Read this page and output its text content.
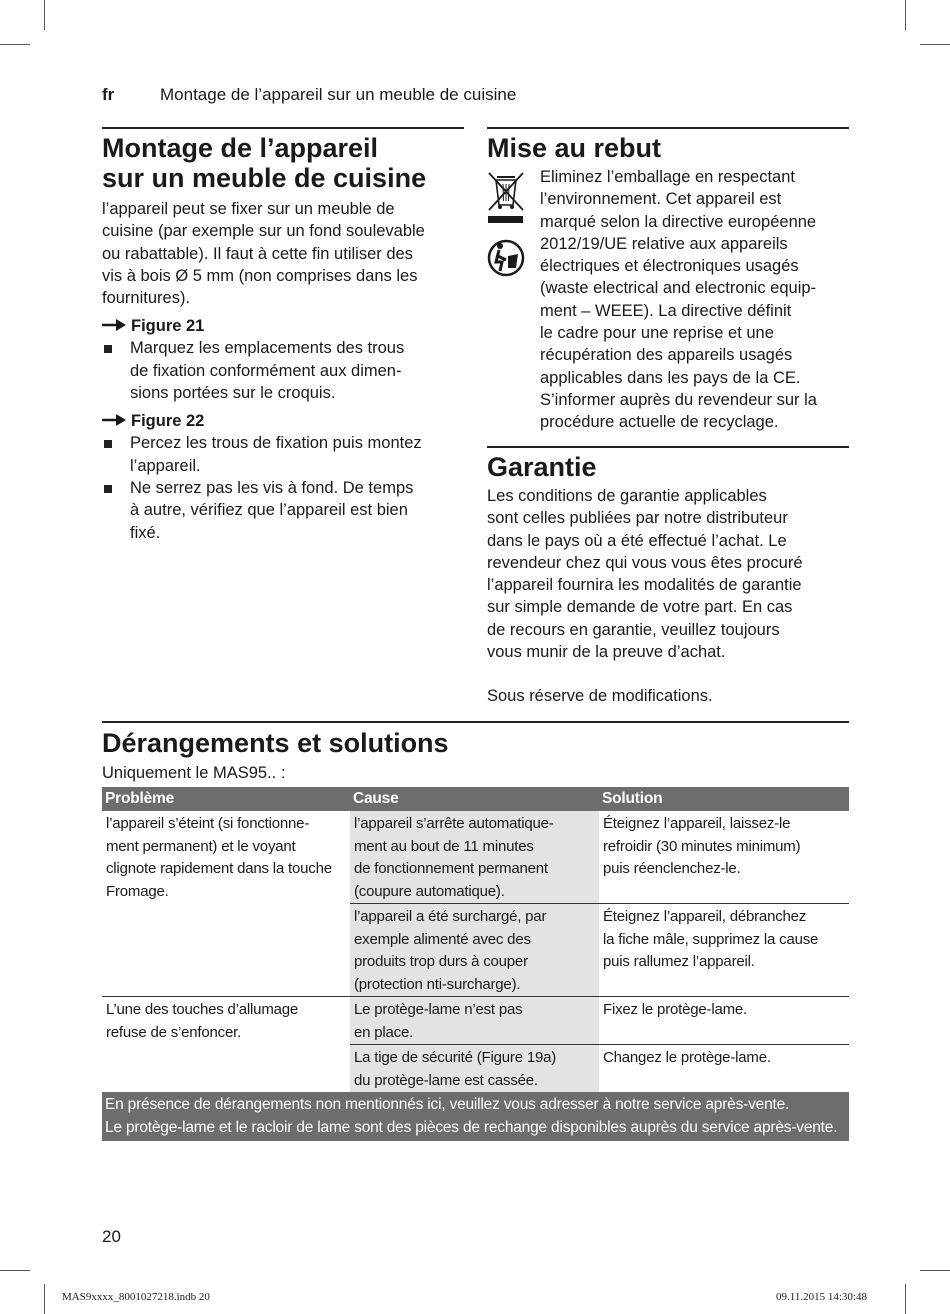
fr	Montage de l’appareil sur un meuble de cuisine
Montage de l’appareil
sur un meuble de cuisine

l’appareil peut se fixer sur un meuble de
cuisine (par exemple sur un fond soulevable
ou rabattable). Il faut à cette fin utiliser des
vis à bois Ø 5 mm (non comprises dans les
fournitures).

Figure 21
Marquez les emplacements des trous
de fixation conformément aux dimen-
sions portées sur le croquis.
Figure 22
Percez les trous de fixation puis montez
l’appareil.
Ne serrez pas les vis à fond. De temps
à autre, vérifiez que l’appareil est bien
fixé.
Mise au rebut

Eliminez l’emballage en respectant
l’environnement. Cet appareil est
marqué selon la directive européenne
2012/19/UE relative aux appareils
électriques et électroniques usagés
(waste electrical and electronic equip-
ment – WEEE). La directive définit
le cadre pour une reprise et une
récupération des appareils usagés
applicables dans les pays de la CE.
S’informer auprès du revendeur sur la
procédure actuelle de recyclage.

Garantie

Les conditions de garantie applicables
sont celles publiées par notre distributeur
dans le pays où a été effectué l’achat. Le
revendeur chez qui vous vous êtes procuré
l’appareil fournira les modalités de garantie
sur simple demande de votre part. En cas
de recours en garantie, veuillez toujours
vous munir de la preuve d’achat.

Sous réserve de modifications.

Dérangements et solutions

Uniquement le MAS95.. :

Problème	Cause	Solution
l’appareil s’éteint (si fonctionne-
ment permanent) et le voyant
clignote rapidement dans la touche
Fromage.	l’appareil s’arrête automatique-
ment au bout de 11 minutes
de fonctionnement permanent
(coupure automatique).	Éteignez l’appareil, laissez-le
refroidir (30 minutes minimum)
puis réenclenchez-le.
	l’appareil a été surchargé, par
exemple alimenté avec des
produits trop durs à couper
(protection nti-surcharge).	Éteignez l’appareil, débranchez
la fiche mâle, supprimez la cause
puis rallumez l’appareil.
L’une des touches d’allumage
refuse de s’enfoncer.	Le protège-lame n’est pas
en place.	Fixez le protège-lame.
	La tige de sécurité (Figure 19a)
du protège-lame est cassée.	Changez le protège-lame.
En présence de dérangements non mentionnés ici, veuillez vous adresser à notre service après-vente.
Le protège-lame et le racloir de lame sont des pièces de rechange disponibles auprès du service après-vente.		
20
MAS9xxxx_8001027218.indb 20	09.11.2015 14:30:48
